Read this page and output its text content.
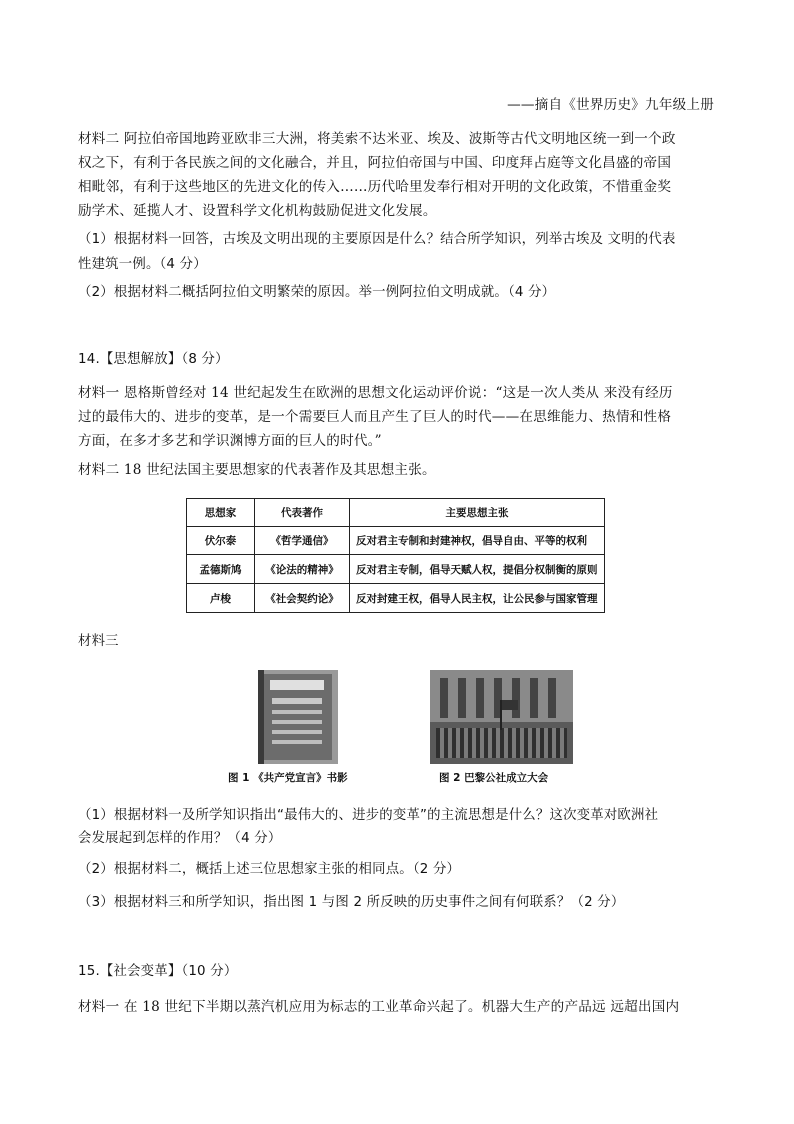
——摘自《世界历史》九年级上册
材料二 阿拉伯帝国地跨亚欧非三大洲，将美索不达米亚、埃及、波斯等古代文明地区统一到一个政
权之下，有利于各民族之间的文化融合，并且，阿拉伯帝国与中国、印度拜占庭等文化昌盛的帝国
相毗邻，有利于这些地区的先进文化的传入……历代哈里发奉行相对开明的文化政策，不惜重金奖
励学术、延揽人才、设置科学文化机构鼓励促进文化发展。
（1）根据材料一回答，古埃及文明出现的主要原因是什么？结合所学知识，列举古埃及 文明的代表
性建筑一例。（4 分）
（2）根据材料二概括阿拉伯文明繁荣的原因。举一例阿拉伯文明成就。（4 分）
14.【思想解放】（8 分）
材料一 恩格斯曾经对 14 世纪起发生在欧洲的思想文化运动评价说：“这是一次人类从 来没有经历
过的最伟大的、进步的变革，是一个需要巨人而且产生了巨人的时代——在思维能力、热情和性格
方面，在多才多艺和学识渊博方面的巨人的时代。”
材料二 18 世纪法国主要思想家的代表著作及其思想主张。
思想家	代表著作	主要思想主张
伏尔泰	《哲学通信》	反对君主专制和封建神权，倡导自由、平等的权利
孟德斯鸠	《论法的精神》	反对君主专制，倡导天赋人权，提倡分权制衡的原则
卢梭	《社会契约论》	反对封建王权，倡导人民主权，让公民参与国家管理
材料三
图 1 《共产党宣言》书影	图 2 巴黎公社成立大会
（1）根据材料一及所学知识指出“最伟大的、进步的变革”的主流思想是什么？这次变革对欧洲社
会发展起到怎样的作用？（4 分）
（2）根据材料二，概括上述三位思想家主张的相同点。（2 分）
（3）根据材料三和所学知识，指出图 1 与图 2 所反映的历史事件之间有何联系？（2 分）
15.【社会变革】（10 分）
材料一 在 18 世纪下半期以蒸汽机应用为标志的工业革命兴起了。机器大生产的产品远 远超出国内
